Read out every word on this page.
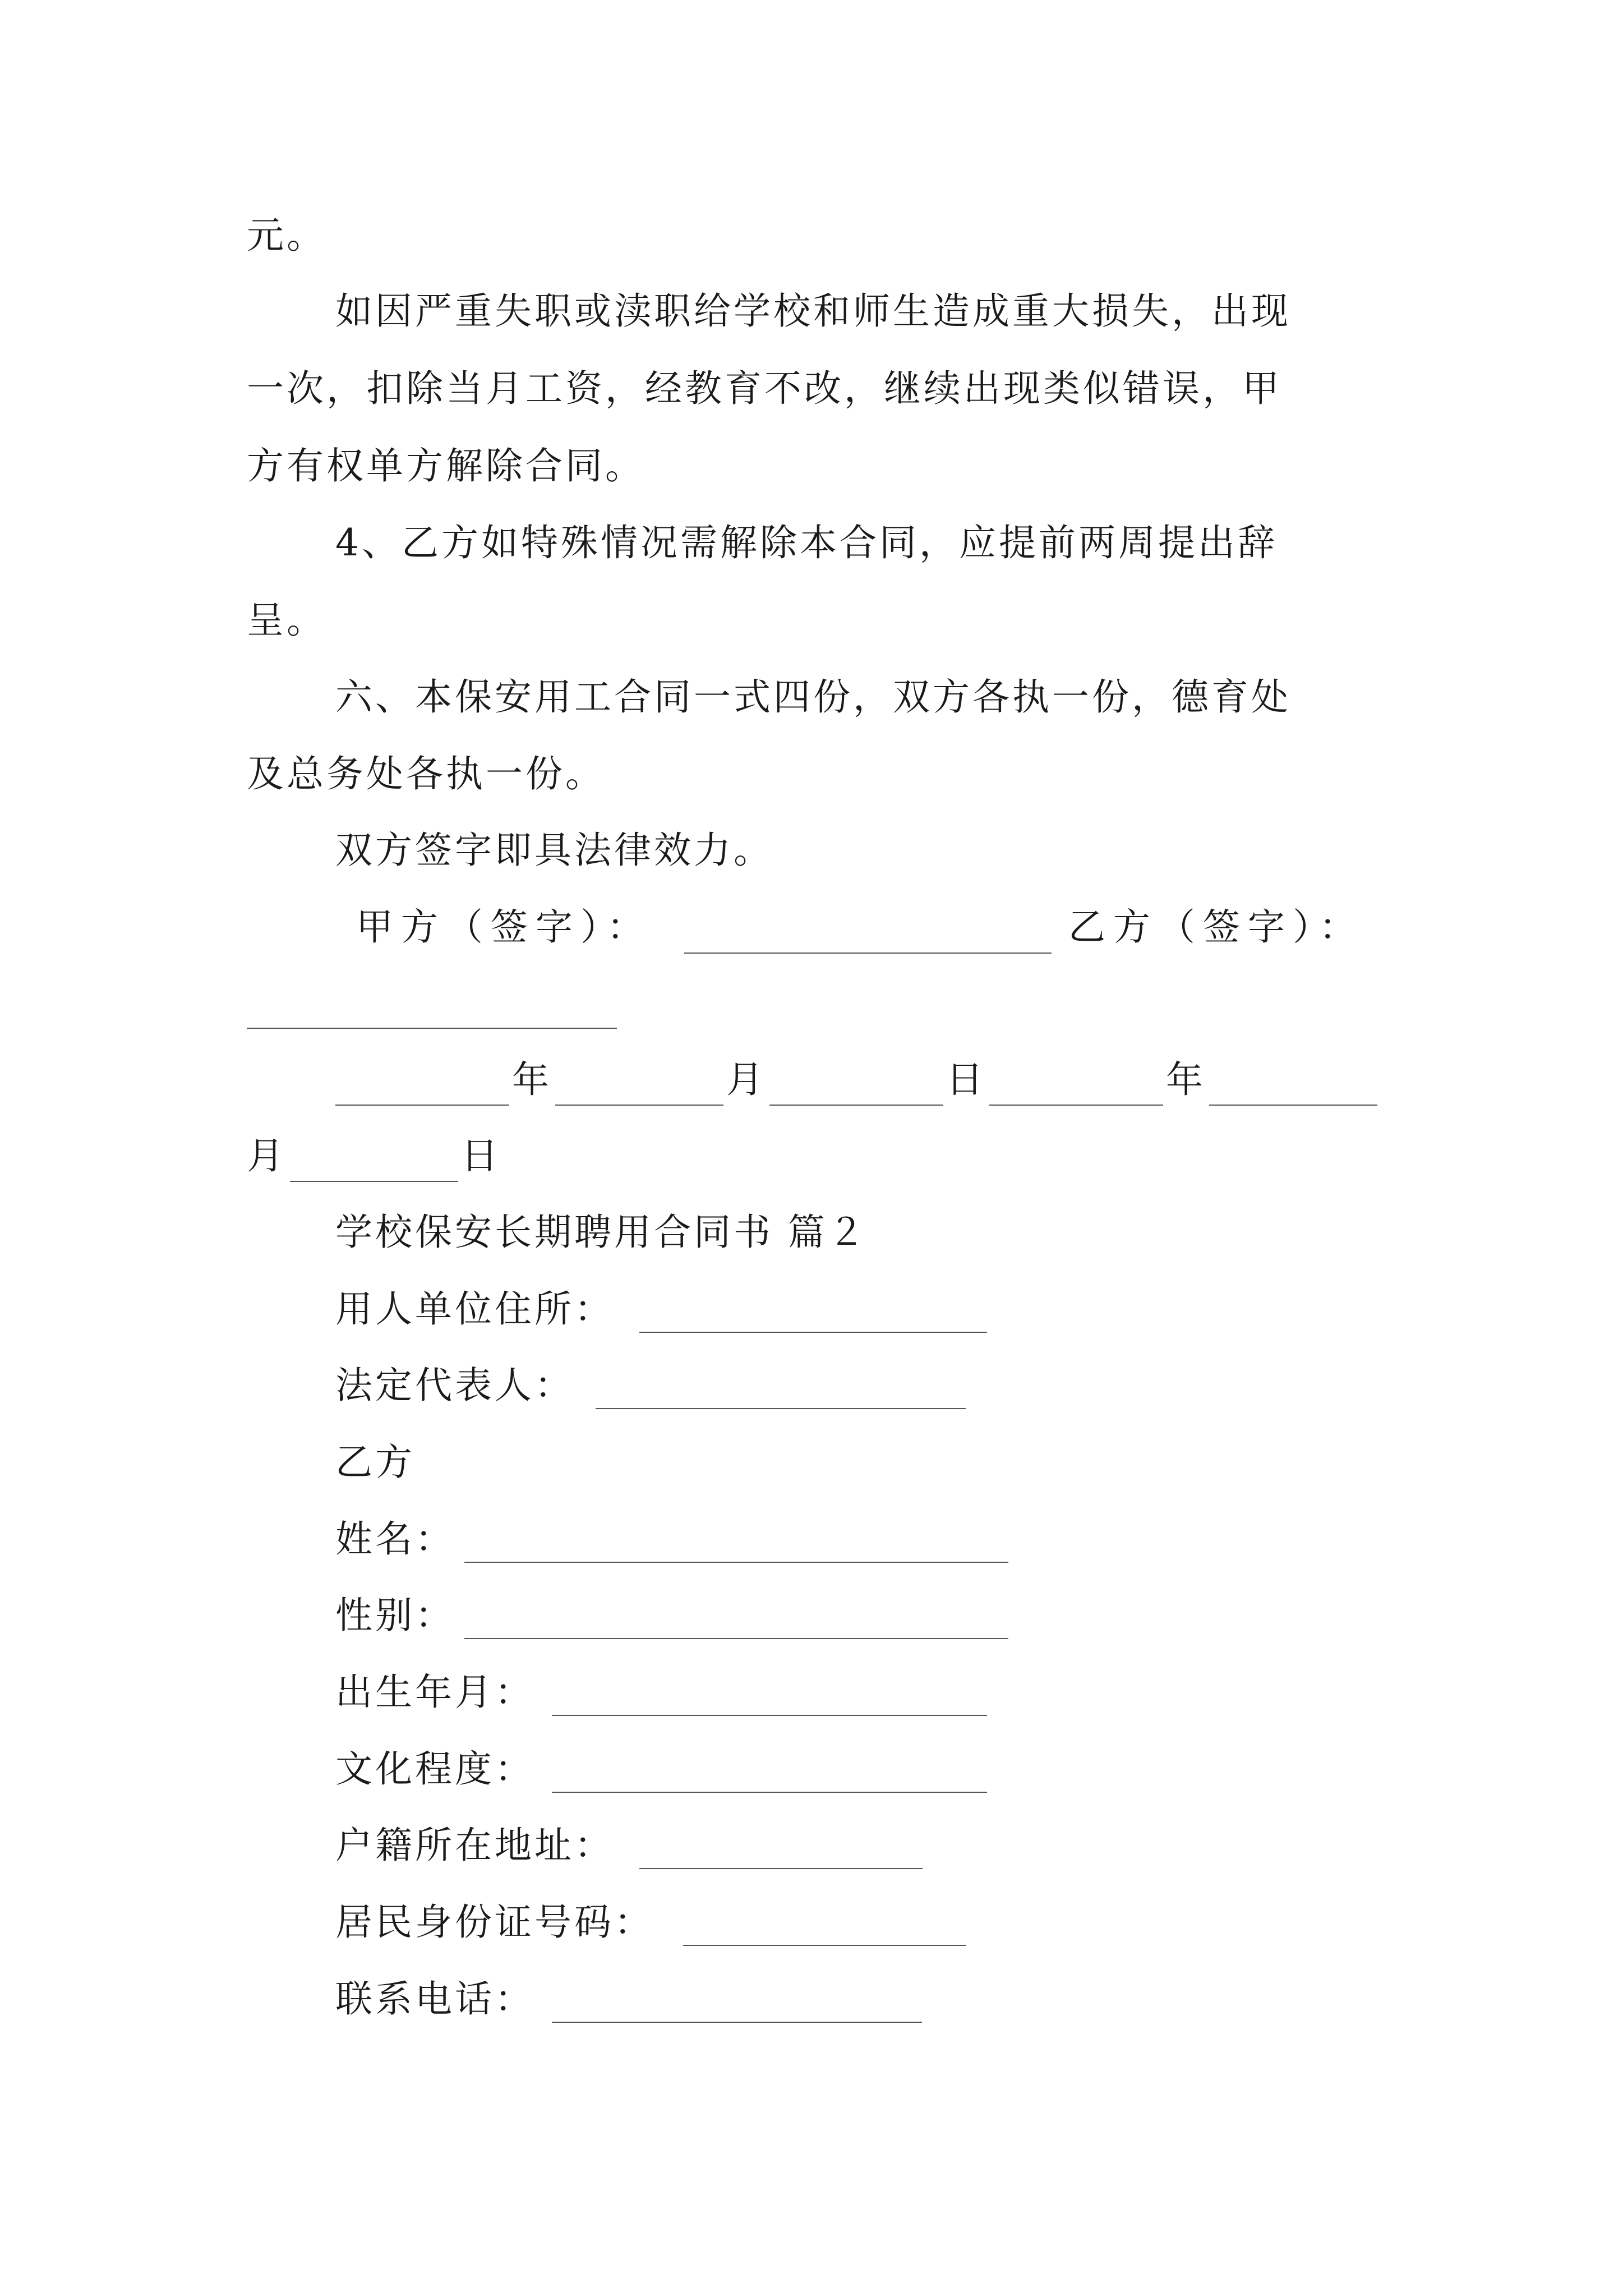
元。
如因严重失职或渎职给学校和师生造成重大损失，出现
一次，扣除当月工资，经教育不改，继续出现类似错误，甲
方有权单方解除合同。
4、乙方如特殊情况需解除本合同，应提前两周提出辞
呈。
六、本保安用工合同一式四份，双方各执一份，德育处
及总务处各执一份。
双方签字即具法律效力。
甲方（签字）：	乙方（签字）：
年	月	日	年
月	日
学校保安长期聘用合同书 篇２
用人单位住所：
法定代表人：
乙方
姓名：
性别：
出生年月：
文化程度：
户籍所在地址：
居民身份证号码：
联系电话：
